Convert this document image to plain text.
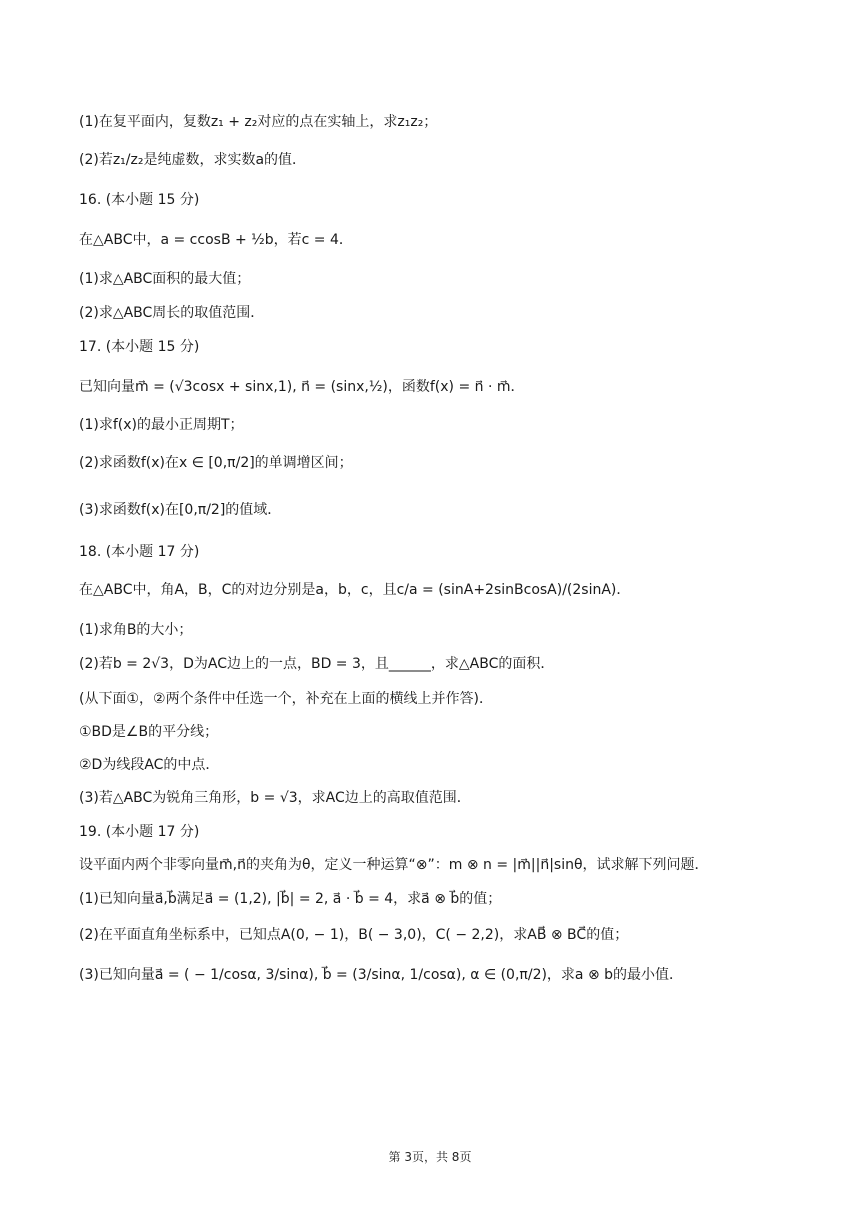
(1)在复平面内，复数z₁ + z₂对应的点在实轴上，求z₁z₂；
(2)若z₁/z₂是纯虚数，求实数a的值．
16. (本小题 15 分)
在△ABC中，a = ccosB + ½b，若c = 4．
(1)求△ABC面积的最大值；
(2)求△ABC周长的取值范围．
17. (本小题 15 分)
已知向量m⃗ = (√3cosx + sinx,1), n⃗ = (sinx,½)，函数f(x) = n⃗ · m⃗．
(1)求f(x)的最小正周期T；
(2)求函数f(x)在x ∈ [0,π/2]的单调增区间；
(3)求函数f(x)在[0,π/2]的值域．
18. (本小题 17 分)
在△ABC中，角A，B，C的对边分别是a，b，c，且c/a = (sinA+2sinBcosA)/(2sinA)．
(1)求角B的大小；
(2)若b = 2√3，D为AC边上的一点，BD = 3，且______，求△ABC的面积．
(从下面①，②两个条件中任选一个，补充在上面的横线上并作答)．
①BD是∠B的平分线；
②D为线段AC的中点．
(3)若△ABC为锐角三角形，b = √3，求AC边上的高取值范围．
19. (本小题 17 分)
设平面内两个非零向量m⃗,n⃗的夹角为θ，定义一种运算“⊗”：m ⊗ n = |m⃗||n⃗|sinθ，试求解下列问题．
(1)已知向量a⃗,b⃗满足a⃗ = (1,2), |b⃗| = 2, a⃗ · b⃗ = 4，求a⃗ ⊗ b⃗的值；
(2)在平面直角坐标系中，已知点A(0, − 1)，B( − 3,0)，C( − 2,2)，求AB⃗ ⊗ BC⃗的值；
(3)已知向量a⃗ = ( − 1/cosα, 3/sinα), b⃗ = (3/sinα, 1/cosα), α ∈ (0,π/2)，求a ⊗ b的最小值．
第 3页，共 8页
